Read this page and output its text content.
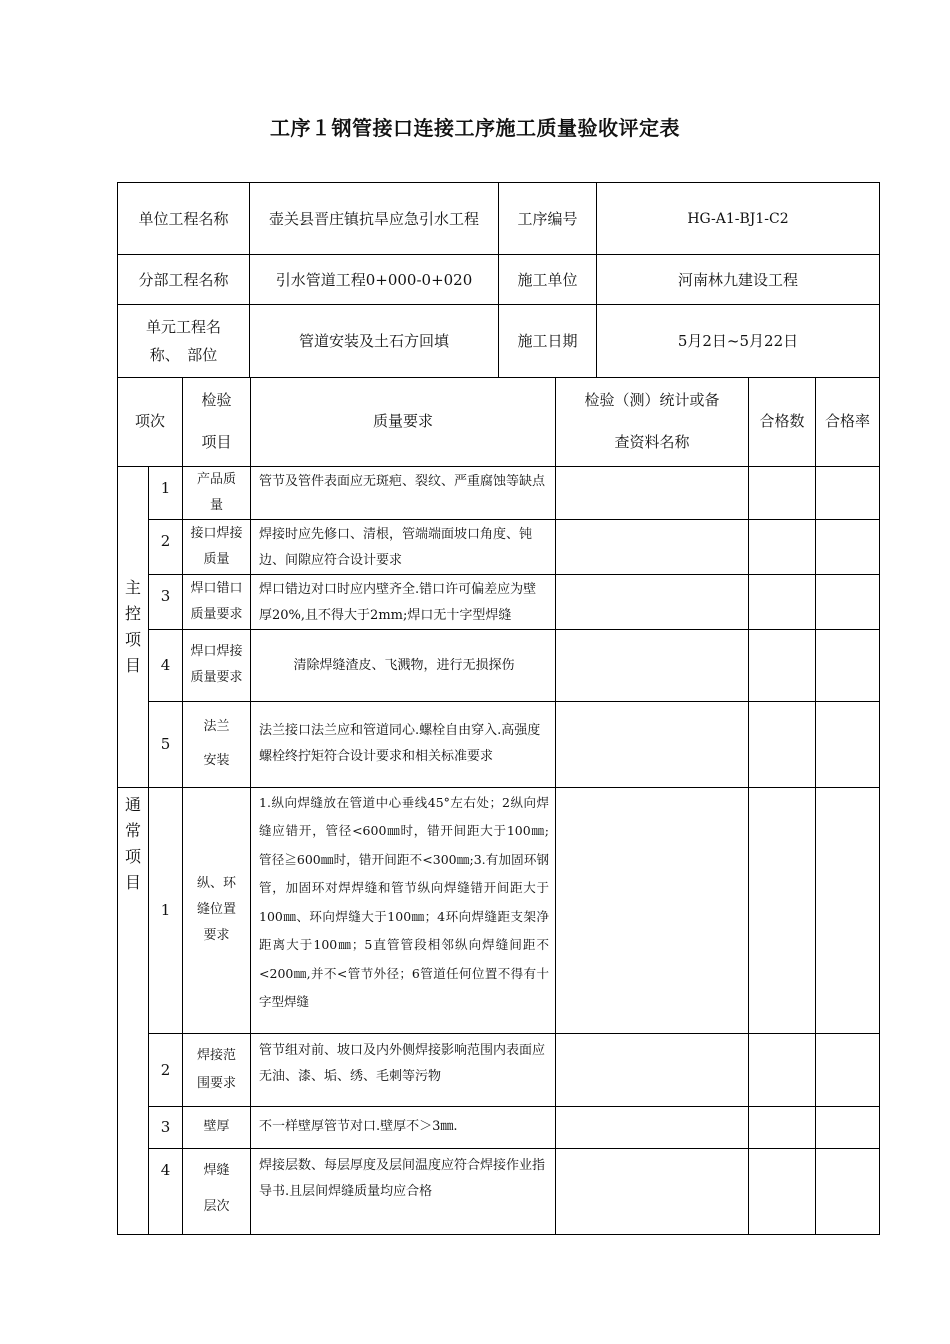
工序１钢管接口连接工序施工质量验收评定表
单位工程名称	壶关县晋庄镇抗旱应急引水工程	工序编号	HG-A1-BJ1-C2
分部工程名称	引水管道工程0+000-0+020	施工单位	河南林九建设工程
单元工程名称、　部位	管道安装及土石方回填	施工日期	5月2日~5月22日
项次		检验项目	质量要求	检验（测）统计或备查资料名称	合格数	合格率
主控项目	1	产品质量	管节及管件表面应无斑疤、裂纹、严重腐蚀等缺点			
	2	接口焊接质量	焊接时应先修口、清根，管端端面坡口角度、钝边、间隙应符合设计要求			
	3	焊口错口质量要求	焊口错边对口时应内壁齐全.错口许可偏差应为壁厚20%,且不得大于2mm;焊口无十字型焊缝			
	4	焊口焊接质量要求	清除焊缝渣皮、飞溅物，进行无损探伤			
	5	法兰安装	法兰接口法兰应和管道同心.螺栓自由穿入.高强度螺栓终拧矩符合设计要求和相关标准要求			
通常项目	1	纵、环缝位置要求	1.纵向焊缝放在管道中心垂线45°左右处；2纵向焊缝应错开，管径<600㎜时，错开间距大于100㎜; 管径≧600㎜时，错开间距不<300㎜;3.有加固环钢管，加固环对焊焊缝和管节纵向焊缝错开间距大于100㎜、环向焊缝大于100㎜；4环向焊缝距支架净距离大于100㎜；5直管管段相邻纵向焊缝间距不<200㎜,并不<管节外径；6管道任何位置不得有十字型焊缝			
	2	焊接范围要求	管节组对前、坡口及内外侧焊接影响范围内表面应无油、漆、垢、绣、毛刺等污物			
	3	壁厚	不一样壁厚管节对口.壁厚不＞3㎜.			
	4	焊缝层次	焊接层数、每层厚度及层间温度应符合焊接作业指导书.且层间焊缝质量均应合格			
